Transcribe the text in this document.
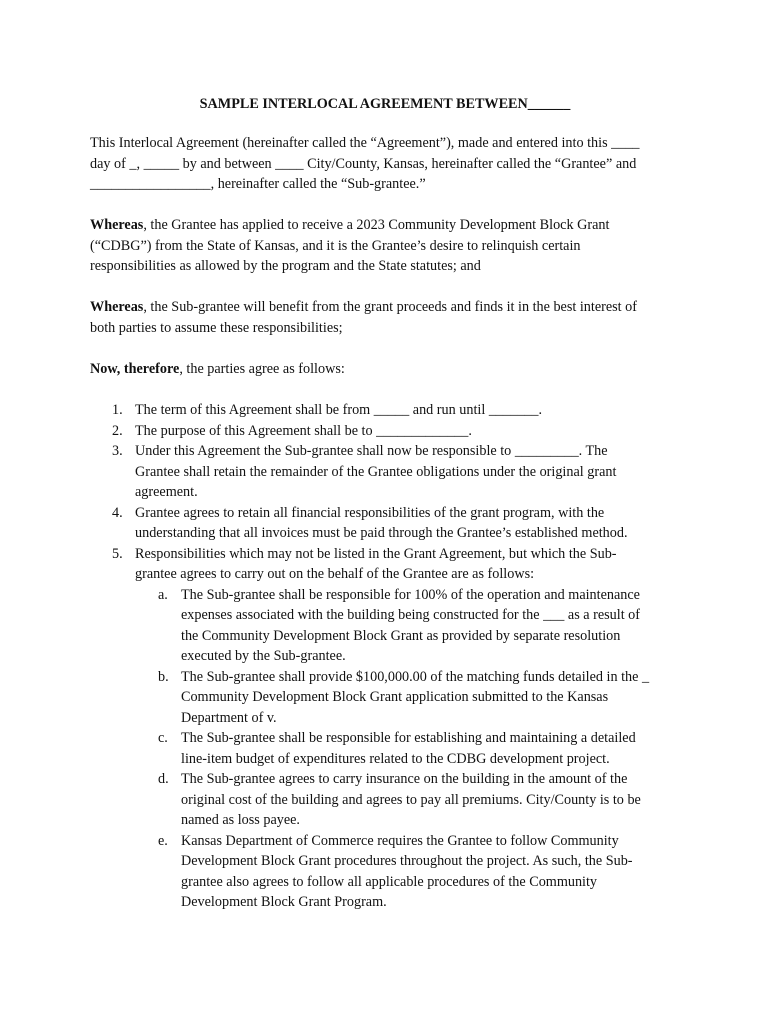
SAMPLE INTERLOCAL AGREEMENT BETWEEN______

This Interlocal Agreement (hereinafter called the “Agreement”), made and entered into this ____

day of _, _____ by and between ____ City/County, Kansas, hereinafter called the “Grantee” and

_________________, hereinafter called the “Sub-grantee.”

Whereas, the Grantee has applied to receive a 2023 Community Development Block Grant

(“CDBG”) from the State of Kansas, and it is the Grantee’s desire to relinquish certain

responsibilities as allowed by the program and the State statutes; and

Whereas, the Sub-grantee will benefit from the grant proceeds and finds it in the best interest of

both parties to assume these responsibilities;

Now, therefore, the parties agree as follows:

1. The term of this Agreement shall be from _____ and run until _______.

2. The purpose of this Agreement shall be to _____________.

3. Under this Agreement the Sub-grantee shall now be responsible to _________. The

Grantee shall retain the remainder of the Grantee obligations under the original grant

agreement.

4. Grantee agrees to retain all financial responsibilities of the grant program, with the

understanding that all invoices must be paid through the Grantee’s established method.

5. Responsibilities which may not be listed in the Grant Agreement, but which the Sub-

grantee agrees to carry out on the behalf of the Grantee are as follows:

a. The Sub-grantee shall be responsible for 100% of the operation and maintenance

expenses associated with the building being constructed for the ___ as a result of

the Community Development Block Grant as provided by separate resolution

executed by the Sub-grantee.

b. The Sub-grantee shall provide $100,000.00 of the matching funds detailed in the _

Community Development Block Grant application submitted to the Kansas

Department of v.

c. The Sub-grantee shall be responsible for establishing and maintaining a detailed

line-item budget of expenditures related to the CDBG development project.

d. The Sub-grantee agrees to carry insurance on the building in the amount of the

original cost of the building and agrees to pay all premiums. City/County is to be

named as loss payee.

e. Kansas Department of Commerce requires the Grantee to follow Community

Development Block Grant procedures throughout the project. As such, the Sub-

grantee also agrees to follow all applicable procedures of the Community

Development Block Grant Program.
